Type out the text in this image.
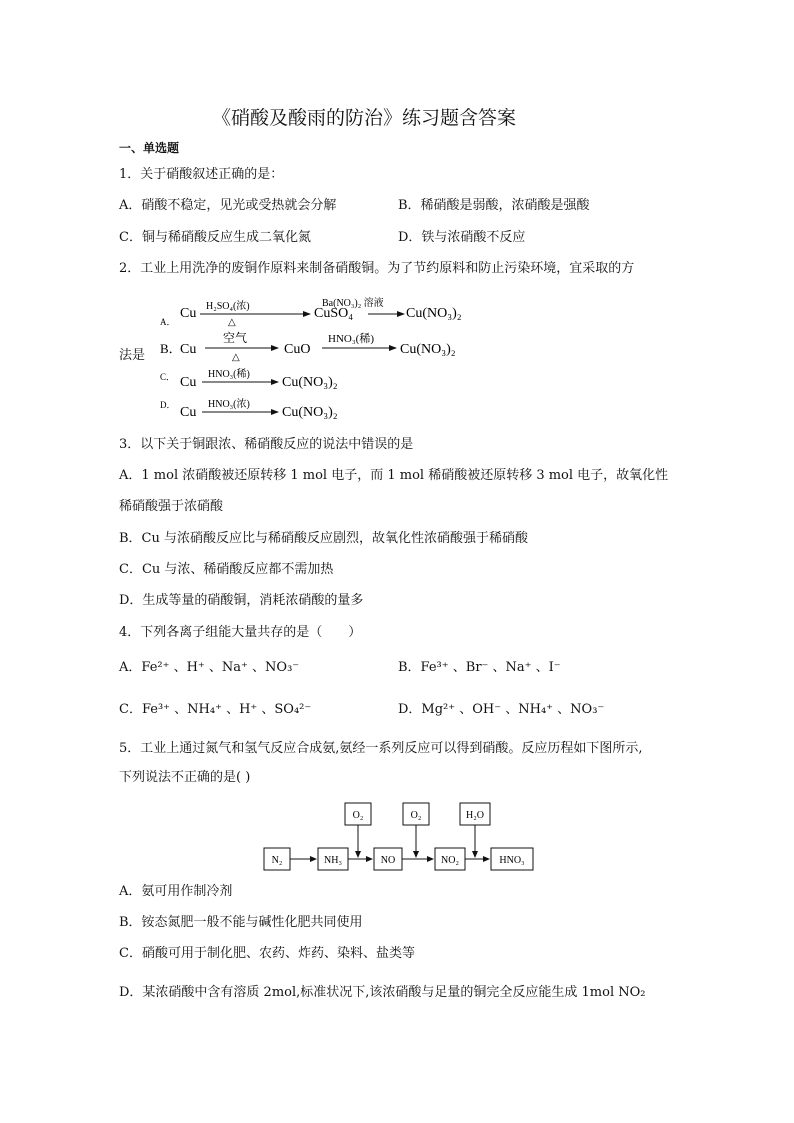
《硝酸及酸雨的防治》练习题含答案
一、单选题
1．关于硝酸叙述正确的是：
A．硝酸不稳定，见光或受热就会分解	B．稀硝酸是弱酸，浓硝酸是强酸
C．铜与稀硝酸反应生成二氧化氮	D．铁与浓硝酸不反应
2．工业上用洗净的废铜作原料来制备硝酸铜。为了节约原料和防止污染环境，宜采取的方
法是
A．
Cu H₂SO₄(浓)
△
CuSO₄
Ba(NO₃)₂ 溶液
Cu(NO₃)₂
B．
Cu
空气
△
CuO
HNO₃(稀)
Cu(NO₃)₂
C． Cu
HNO₃(稀)
Cu(NO₃)₂
D． Cu
HNO₃(浓)
Cu(NO₃)₂
3．以下关于铜跟浓、稀硝酸反应的说法中错误的是
A．1 mol 浓硝酸被还原转移 1 mol 电子，而 1 mol 稀硝酸被还原转移 3 mol 电子，故氧化性
稀硝酸强于浓硝酸
B．Cu 与浓硝酸反应比与稀硝酸反应剧烈，故氧化性浓硝酸强于稀硝酸
C．Cu 与浓、稀硝酸反应都不需加热
D．生成等量的硝酸铜，消耗浓硝酸的量多
4．下列各离子组能大量共存的是（　　）
A．Fe²⁺ 、H⁺ 、Na⁺ 、NO₃⁻	B．Fe³⁺ 、Br⁻ 、Na⁺ 、I⁻
C．Fe³⁺ 、NH₄⁺ 、H⁺ 、SO₄²⁻	D．Mg²⁺ 、OH⁻ 、NH₄⁺ 、NO₃⁻
5．工业上通过氮气和氢气反应合成氨,氨经一系列反应可以得到硝酸。反应历程如下图所示,
下列说法不正确的是( )
O₂	O₂	H₂O
N₂	NH₃	NO	NO₂	HNO₃
A．氨可用作制冷剂
B．铵态氮肥一般不能与碱性化肥共同使用
C．硝酸可用于制化肥、农药、炸药、染料、盐类等
D．某浓硝酸中含有溶质 2mol,标准状况下,该浓硝酸与足量的铜完全反应能生成 1mol NO₂
